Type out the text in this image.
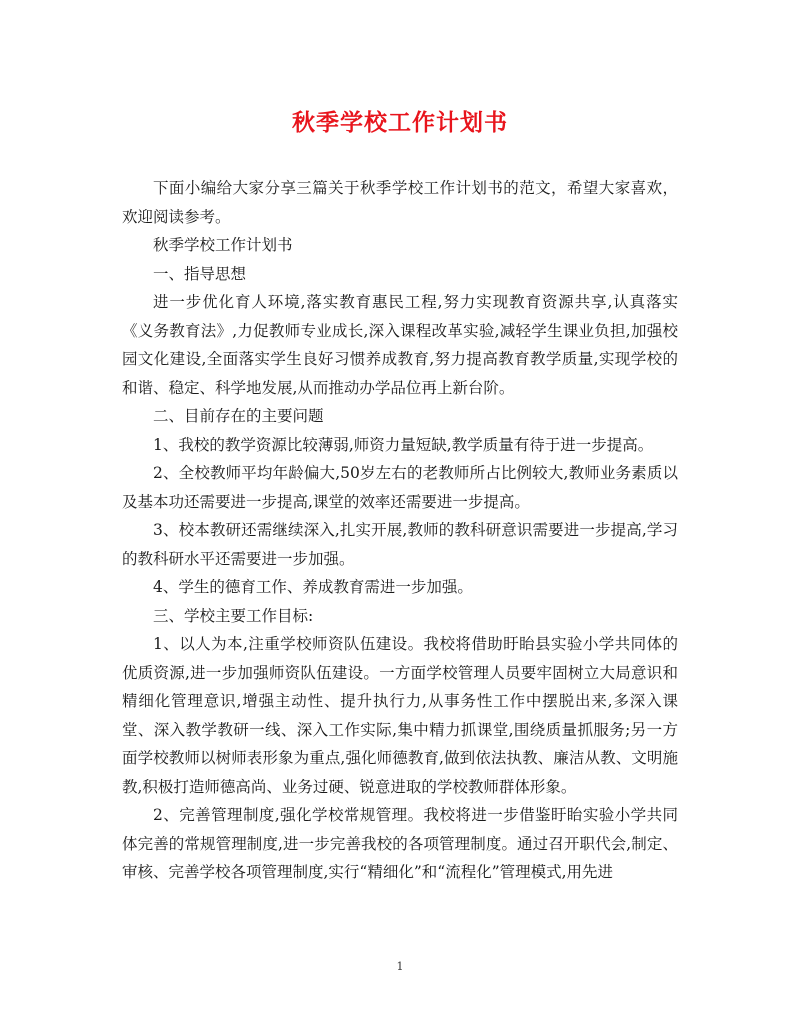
秋季学校工作计划书

下面小编给大家分享三篇关于秋季学校工作计划书的范文，希望大家喜欢，欢迎阅读参考。

秋季学校工作计划书

一、指导思想

进一步优化育人环境,落实教育惠民工程,努力实现教育资源共享,认真落实《义务教育法》,力促教师专业成长,深入课程改革实验,减轻学生课业负担,加强校园文化建设,全面落实学生良好习惯养成教育,努力提高教育教学质量,实现学校的和谐、稳定、科学地发展,从而推动办学品位再上新台阶。

二、目前存在的主要问题

1、我校的教学资源比较薄弱,师资力量短缺,教学质量有待于进一步提高。

2、全校教师平均年龄偏大,50岁左右的老教师所占比例较大,教师业务素质以及基本功还需要进一步提高,课堂的效率还需要进一步提高。

3、校本教研还需继续深入,扎实开展,教师的教科研意识需要进一步提高,学习的教科研水平还需要进一步加强。

4、学生的德育工作、养成教育需进一步加强。

三、学校主要工作目标:

1、以人为本,注重学校师资队伍建设。我校将借助盱眙县实验小学共同体的优质资源,进一步加强师资队伍建设。一方面学校管理人员要牢固树立大局意识和精细化管理意识,增强主动性、提升执行力,从事务性工作中摆脱出来,多深入课堂、深入教学教研一线、深入工作实际,集中精力抓课堂,围绕质量抓服务;另一方面学校教师以树师表形象为重点,强化师德教育,做到依法执教、廉洁从教、文明施教,积极打造师德高尚、业务过硬、锐意进取的学校教师群体形象。

2、完善管理制度,强化学校常规管理。我校将进一步借鉴盱眙实验小学共同体完善的常规管理制度,进一步完善我校的各项管理制度。通过召开职代会,制定、审核、完善学校各项管理制度,实行“精细化”和“流程化”管理模式,用先进

1
